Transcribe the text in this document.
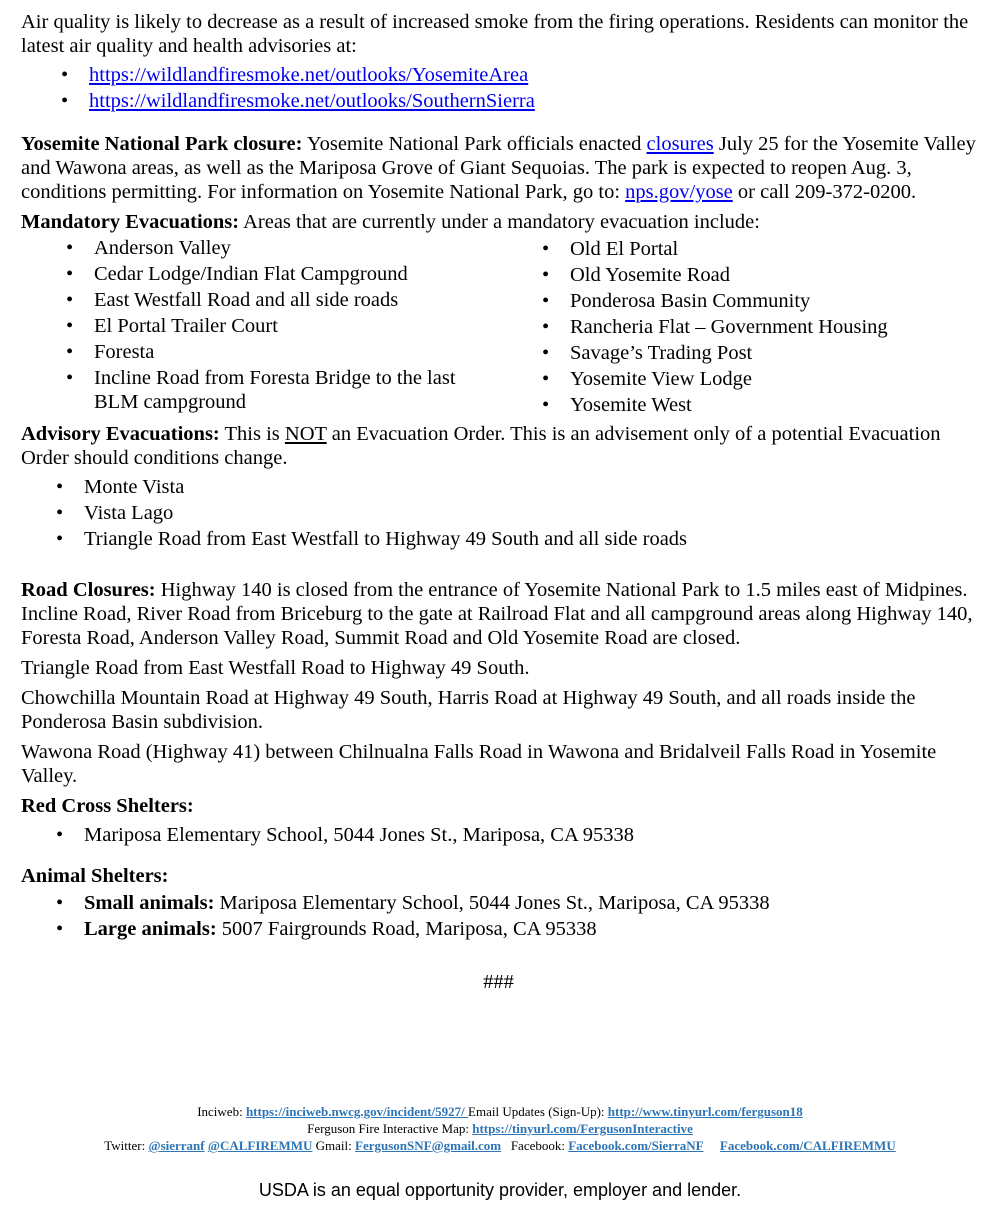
Air quality is likely to decrease as a result of increased smoke from the firing operations. Residents can monitor the latest air quality and health advisories at:

• https://wildlandfiresmoke.net/outlooks/YosemiteArea
• https://wildlandfiresmoke.net/outlooks/SouthernSierra

Yosemite National Park closure: Yosemite National Park officials enacted closures July 25 for the Yosemite Valley and Wawona areas, as well as the Mariposa Grove of Giant Sequoias. The park is expected to reopen Aug. 3, conditions permitting. For information on Yosemite National Park, go to: nps.gov/yose or call 209-372-0200.

Mandatory Evacuations: Areas that are currently under a mandatory evacuation include:

• Anderson Valley
• Cedar Lodge/Indian Flat Campground
• East Westfall Road and all side roads
• El Portal Trailer Court
• Foresta
• Incline Road from Foresta Bridge to the last BLM campground
• Old El Portal
• Old Yosemite Road
• Ponderosa Basin Community
• Rancheria Flat – Government Housing
• Savage’s Trading Post
• Yosemite View Lodge
• Yosemite West

Advisory Evacuations: This is NOT an Evacuation Order. This is an advisement only of a potential Evacuation Order should conditions change.

• Monte Vista
• Vista Lago
• Triangle Road from East Westfall to Highway 49 South and all side roads

Road Closures: Highway 140 is closed from the entrance of Yosemite National Park to 1.5 miles east of Midpines. Incline Road, River Road from Briceburg to the gate at Railroad Flat and all campground areas along Highway 140, Foresta Road, Anderson Valley Road, Summit Road and Old Yosemite Road are closed.

Triangle Road from East Westfall Road to Highway 49 South.

Chowchilla Mountain Road at Highway 49 South, Harris Road at Highway 49 South, and all roads inside the Ponderosa Basin subdivision.

Wawona Road (Highway 41) between Chilnualna Falls Road in Wawona and Bridalveil Falls Road in Yosemite Valley.

Red Cross Shelters:

• Mariposa Elementary School, 5044 Jones St., Mariposa, CA 95338

Animal Shelters:

• Small animals: Mariposa Elementary School, 5044 Jones St., Mariposa, CA 95338
• Large animals: 5007 Fairgrounds Road, Mariposa, CA 95338

###

Inciweb: https://inciweb.nwcg.gov/incident/5927/ Email Updates (Sign-Up): http://www.tinyurl.com/ferguson18
Ferguson Fire Interactive Map: https://tinyurl.com/FergusonInteractive
Twitter: @sierranf @CALFIREMMU Gmail: FergusonSNF@gmail.com   Facebook: Facebook.com/SierraNF Facebook.com/CALFIREMMU
USDA is an equal opportunity provider, employer and lender.
